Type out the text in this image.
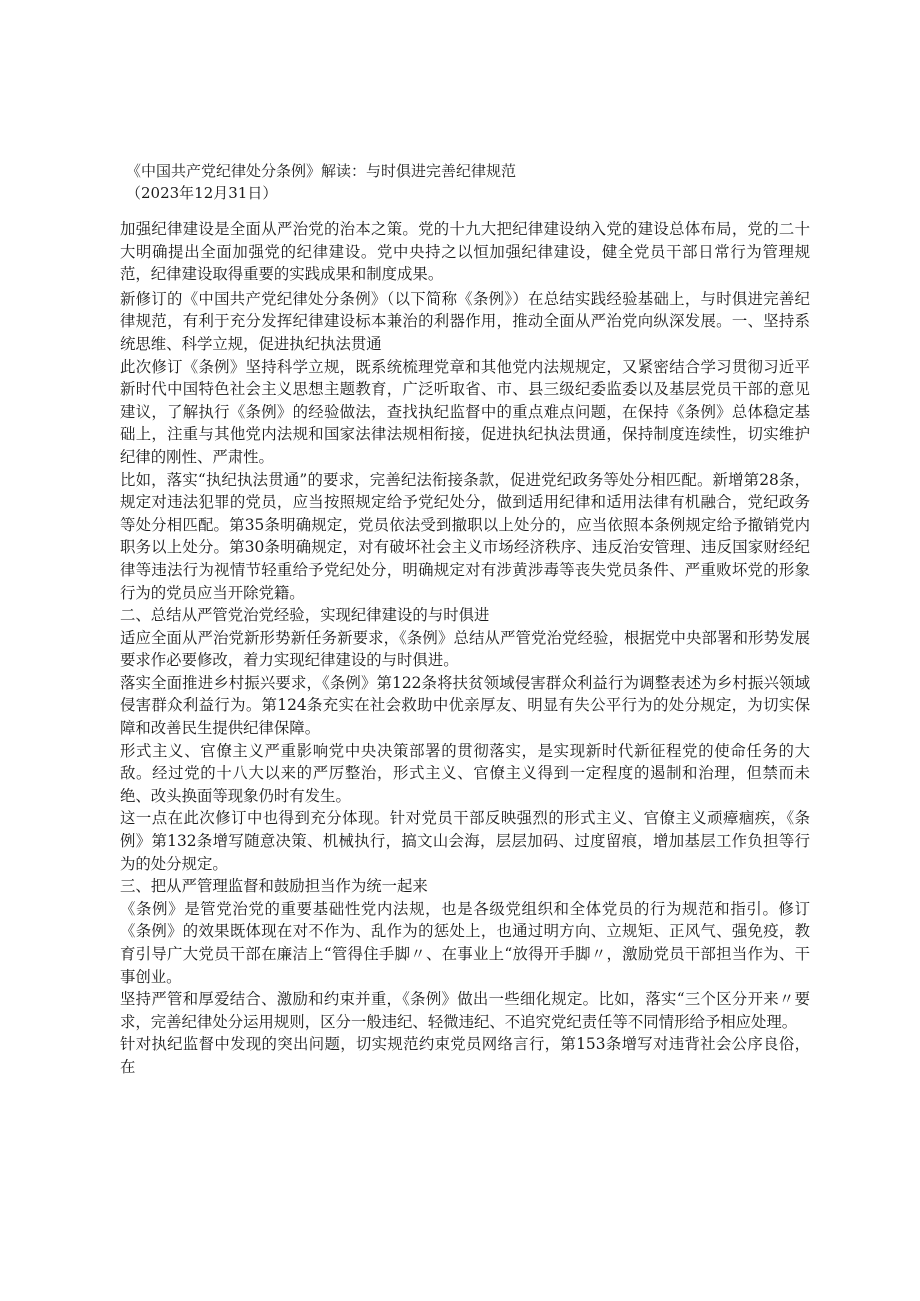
《中国共产党纪律处分条例》解读：与时俱进完善纪律规范
（2023年12月31日）

加强纪律建设是全面从严治党的治本之策。党的十九大把纪律建设纳入党的建设总体布局，党的二十大明确提出全面加强党的纪律建设。党中央持之以恒加强纪律建设，健全党员干部日常行为管理规范，纪律建设取得重要的实践成果和制度成果。

新修订的《中国共产党纪律处分条例》（以下简称《条例》）在总结实践经验基础上，与时俱进完善纪律规范，有利于充分发挥纪律建设标本兼治的利器作用，推动全面从严治党向纵深发展。一、坚持系统思维、科学立规，促进执纪执法贯通

此次修订《条例》坚持科学立规，既系统梳理党章和其他党内法规规定，又紧密结合学习贯彻习近平新时代中国特色社会主义思想主题教育，广泛听取省、市、县三级纪委监委以及基层党员干部的意见建议，了解执行《条例》的经验做法，查找执纪监督中的重点难点问题，在保持《条例》总体稳定基础上，注重与其他党内法规和国家法律法规相衔接，促进执纪执法贯通，保持制度连续性，切实维护纪律的刚性、严肃性。

比如，落实“执纪执法贯通”的要求，完善纪法衔接条款，促进党纪政务等处分相匹配。新增第28条，规定对违法犯罪的党员，应当按照规定给予党纪处分，做到适用纪律和适用法律有机融合，党纪政务等处分相匹配。第35条明确规定，党员依法受到撤职以上处分的，应当依照本条例规定给予撤销党内职务以上处分。第30条明确规定，对有破坏社会主义市场经济秩序、违反治安管理、违反国家财经纪律等违法行为视情节轻重给予党纪处分，明确规定对有涉黄涉毒等丧失党员条件、严重败坏党的形象行为的党员应当开除党籍。

二、总结从严管党治党经验，实现纪律建设的与时俱进

适应全面从严治党新形势新任务新要求，《条例》总结从严管党治党经验，根据党中央部署和形势发展要求作必要修改，着力实现纪律建设的与时俱进。

落实全面推进乡村振兴要求，《条例》第122条将扶贫领域侵害群众利益行为调整表述为乡村振兴领域侵害群众利益行为。第124条充实在社会救助中优亲厚友、明显有失公平行为的处分规定，为切实保障和改善民生提供纪律保障。

形式主义、官僚主义严重影响党中央决策部署的贯彻落实，是实现新时代新征程党的使命任务的大敌。经过党的十八大以来的严厉整治，形式主义、官僚主义得到一定程度的遏制和治理，但禁而未绝、改头换面等现象仍时有发生。

这一点在此次修订中也得到充分体现。针对党员干部反映强烈的形式主义、官僚主义顽瘴痼疾，《条例》第132条增写随意决策、机械执行，搞文山会海，层层加码、过度留痕，增加基层工作负担等行为的处分规定。

三、把从严管理监督和鼓励担当作为统一起来

《条例》是管党治党的重要基础性党内法规，也是各级党组织和全体党员的行为规范和指引。修订《条例》的效果既体现在对不作为、乱作为的惩处上，也通过明方向、立规矩、正风气、强免疫，教育引导广大党员干部在廉洁上“管得住手脚〃、在事业上“放得开手脚〃，激励党员干部担当作为、干事创业。

坚持严管和厚爱结合、激励和约束并重，《条例》做出一些细化规定。比如，落实“三个区分开来〃要求，完善纪律处分运用规则，区分一般违纪、轻微违纪、不追究党纪责任等不同情形给予相应处理。

针对执纪监督中发现的突出问题，切实规范约束党员网络言行，第153条增写对违背社会公序良俗，在
